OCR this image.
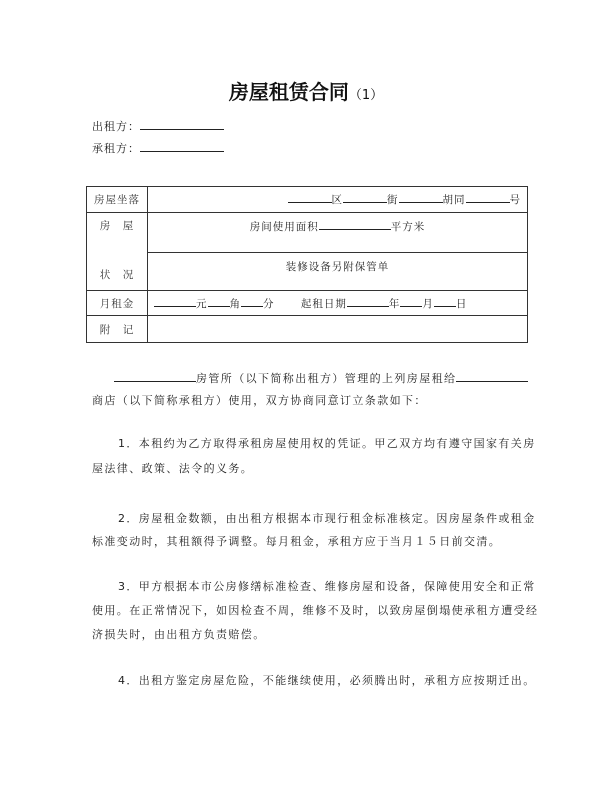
房屋租赁合同（1）
出租方：
承租方：
房屋坐落	区 街 胡同 号

房　屋
状　况	房间使用面积 平方米
	装修设备另附保管单
月租金	元 角 分 起租日期 年 月 日
附　记	
房管所（以下简称出租方）管理的上列房屋租给
商店（以下简称承租方）使用，双方协商同意订立条款如下：
1．本租约为乙方取得承租房屋使用权的凭证。甲乙双方均有遵守国家有关房
屋法律、政策、法令的义务。
2．房屋租金数额，由出租方根据本市现行租金标准核定。因房屋条件或租金
标准变动时，其租额得予调整。每月租金，承租方应于当月１５日前交清。
3．甲方根据本市公房修缮标准检查、维修房屋和设备，保障使用安全和正常
使用。在正常情况下，如因检查不周，维修不及时，以致房屋倒塌使承租方遭受经
济损失时，由出租方负责赔偿。
4．出租方鉴定房屋危险，不能继续使用，必须腾出时，承租方应按期迁出。
